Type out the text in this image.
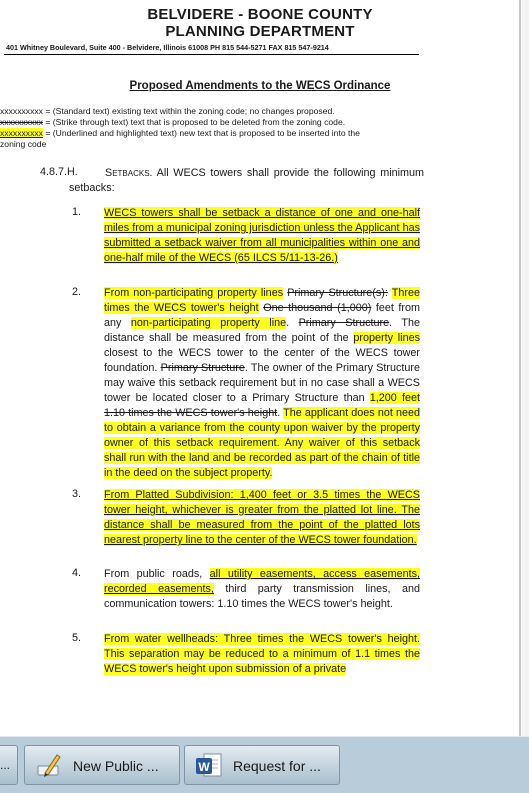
BELVIDERE - BOONE COUNTY
PLANNING DEPARTMENT
401 Whitney Boulevard, Suite 400 - Belvidere, Illinois 61008 PH 815 544-5271 FAX 815 547-9214
Proposed Amendments to the WECS Ordinance
xxxxxxxxxx = (Standard text) existing text within the zoning code; no changes proposed.
xxxxxxxxxx = (Strike through text) text that is proposed to be deleted from the zoning code.
xxxxxxxxxx = (Underlined and highlighted text) new text that is proposed to be inserted into the
zoning code
4.8.7.H.	Setbacks. All WECS towers shall provide the following minimum setbacks:
1. WECS towers shall be setback a distance of one and one-half miles from a municipal zoning jurisdiction unless the Applicant has submitted a setback waiver from all municipalities within one and one-half mile of the WECS (65 ILCS 5/11-13-26.)
2. From non-participating property lines Primary Structure(s): Three times the WECS tower's height One thousand (1,000) feet from any non-participating property line. Primary Structure. The distance shall be measured from the point of the property lines closest to the WECS tower to the center of the WECS tower foundation. Primary Structure. The owner of the Primary Structure may waive this setback requirement but in no case shall a WECS tower be located closer to a Primary Structure than 1,200 feet 1.10 times the WECS tower's height. The applicant does not need to obtain a variance from the county upon waiver by the property owner of this setback requirement. Any waiver of this setback shall run with the land and be recorded as part of the chain of title in the deed on the subject property.
3. From Platted Subdivision: 1,400 feet or 3.5 times the WECS tower height, whichever is greater from the platted lot line. The distance shall be measured from the point of the platted lots nearest property line to the center of the WECS tower foundation.
4. From public roads, all utility easements, access easements, recorded easements, third party transmission lines, and communication towers: 1.10 times the WECS tower's height.
5. From water wellheads: Three times the WECS tower's height. This separation may be reduced to a minimum of 1.1 times the WECS tower's height upon submission of a private
...	New Public ...	W Request for ...
